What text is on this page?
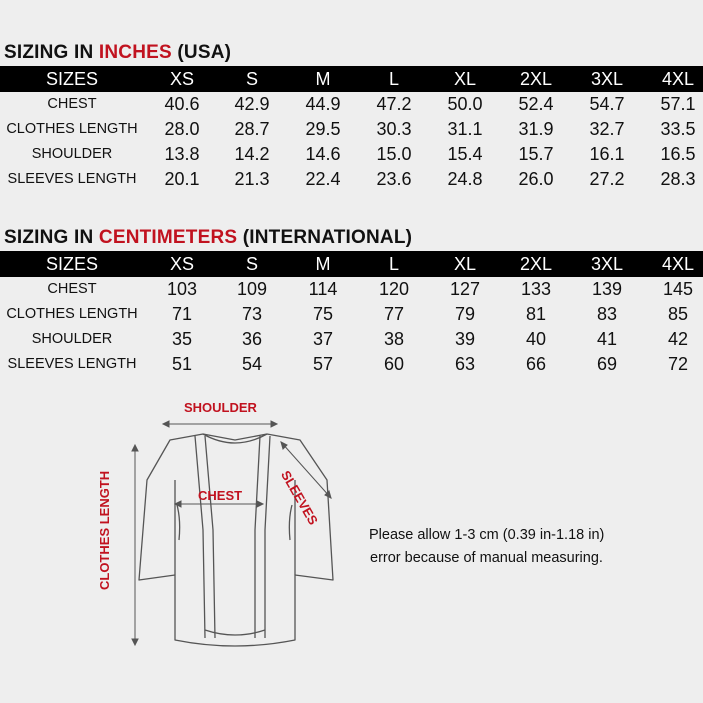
SIZING IN INCHES (USA)
SIZES	XS	S	M	L	XL	2XL	3XL	4XL
CHEST	40.6	42.9	44.9	47.2	50.0	52.4	54.7	57.1
CLOTHES LENGTH	28.0	28.7	29.5	30.3	31.1	31.9	32.7	33.5
SHOULDER	13.8	14.2	14.6	15.0	15.4	15.7	16.1	16.5
SLEEVES LENGTH	20.1	21.3	22.4	23.6	24.8	26.0	27.2	28.3
SIZING IN CENTIMETERS (INTERNATIONAL)
SIZES	XS	S	M	L	XL	2XL	3XL	4XL
CHEST	103	109	114	120	127	133	139	145
CLOTHES LENGTH	71	73	75	77	79	81	83	85
SHOULDER	35	36	37	38	39	40	41	42
SLEEVES LENGTH	51	54	57	60	63	66	69	72
SHOULDER
CHEST	SLEEVES
CLOTHES LENGTH	Please allow 1-3 cm (0.39 in-1.18 in)
error because of manual measuring.
